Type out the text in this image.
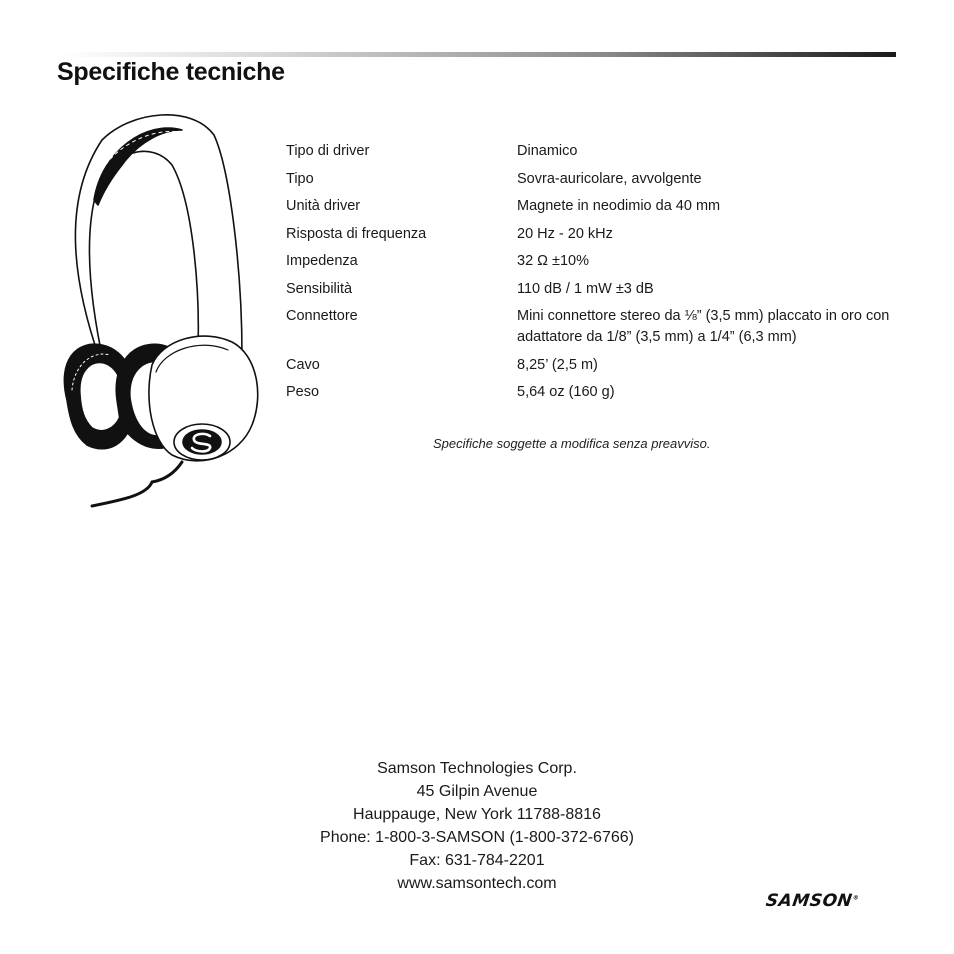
Specifiche tecniche
Tipo di driver	Dinamico
Tipo	Sovra-auricolare, avvolgente
Unità driver	Magnete in neodimio da 40 mm
Risposta di frequenza	20 Hz - 20 kHz
Impedenza	32 Ω ±10%
Sensibilità	110 dB / 1 mW ±3 dB
Connettore	Mini connettore stereo da ⅛” (3,5 mm) placcato in oro con adattatore da 1/8” (3,5 mm) a 1/4” (6,3 mm)
Cavo	8,25’ (2,5 m)
Peso	5,64 oz (160 g)
Specifiche soggette a modifica senza preavviso.
Samson Technologies Corp.
45 Gilpin Avenue
Hauppauge, New York 11788-8816
Phone: 1-800-3-SAMSON (1-800-372-6766)
Fax: 631-784-2201
www.samsontech.com
SAMSON®
